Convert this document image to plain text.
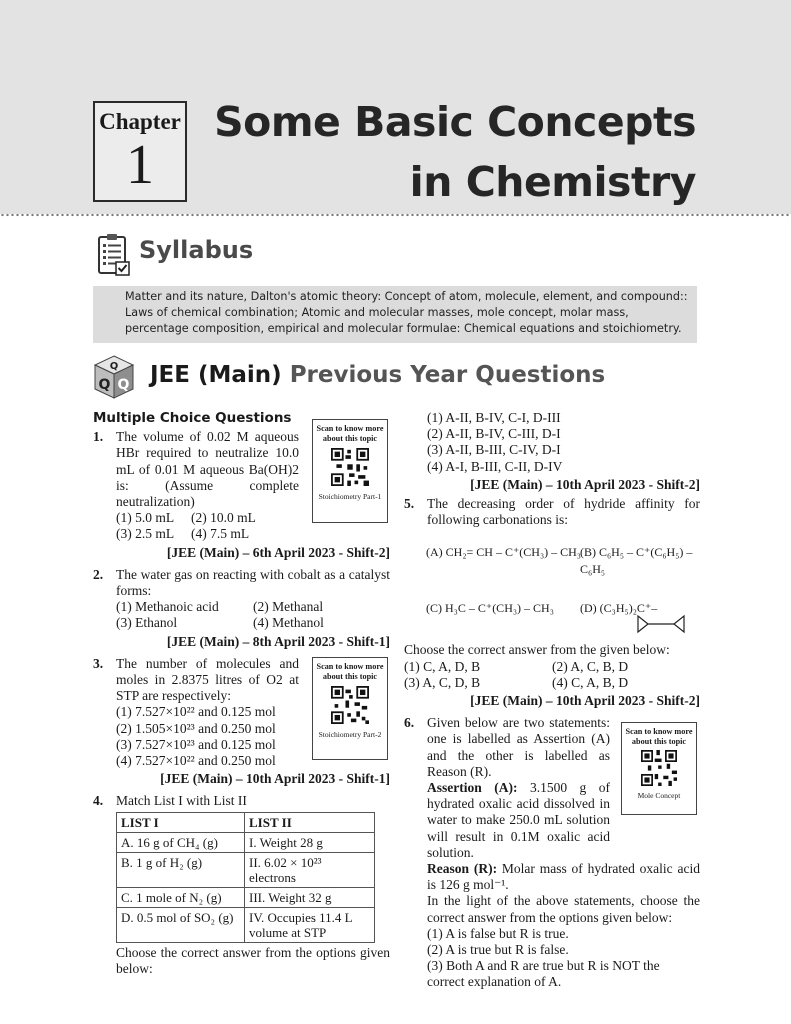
Chapter
1
Some Basic Concepts
in Chemistry
Syllabus
Matter and its nature, Dalton's atomic theory: Concept of atom, molecule, element, and compound:: Laws of chemical combination; Atomic and molecular masses, mole concept, molar mass, percentage composition, empirical and molecular formulae: Chemical equations and stoichiometry.
Q
Q Q JEE (Main) Previous Year Questions
Scan to know more about this topic
Stoichiometry Part-1
Scan to know more about this topic
Stoichiometry Part-2	Scan to know more about this topic
Mole Concept
Multiple Choice Questions
1. The volume of 0.02 M aqueous HBr required to neutralize 10.0 mL of 0.01 M aqueous Ba(OH)2 is: (Assume complete neutralization)
(1) 5.0 mL	(2) 10.0 mL
(3) 2.5 mL	(4) 7.5 mL
[JEE (Main) – 6th April 2023 - Shift-2]
2. The water gas on reacting with cobalt as a catalyst forms:
(1) Methanoic acid	(2) Methanal
(3) Ethanol	(4) Methanol
[JEE (Main) – 8th April 2023 - Shift-1]
3. The number of molecules and moles in 2.8375 litres of O2 at STP are respectively:
(1) 7.527×10²² and 0.125 mol
(2) 1.505×10²³ and 0.250 mol
(3) 7.527×10²³ and 0.125 mol
(4) 7.527×10²² and 0.250 mol
[JEE (Main) – 10th April 2023 - Shift-1]
4. Match List I with List II
LIST I	LIST II
A. 16 g of CH₄ (g)	I. Weight 28 g
B. 1 g of H₂ (g)	II. 6.02 × 10²³ electrons
C. 1 mole of N₂ (g)	III. Weight 32 g
D. 0.5 mol of SO₂ (g)	IV. Occupies 11.4 L volume at STP
Choose the correct answer from the options given below:
(1) A-II, B-IV, C-I, D-III
(2) A-II, B-IV, C-III, D-I
(3) A-II, B-III, C-IV, D-I
(4) A-I, B-III, C-II, D-IV
[JEE (Main) – 10th April 2023 - Shift-2]
5. The decreasing order of hydride affinity for following carbonations is:
(A) CH₂= CH – C⁺(CH₃) – CH₃ (B) C₆H₅ – C⁺(C₆H₅) – C₆H₅
(C) H₃C – C⁺(CH₃) – CH₃	(D) (C₃H₅)₂C⁺–
Choose the correct answer from the given below:
(1) C, A, D, B	(2) A, C, B, D
(3) A, C, D, B	(4) C, A, B, D
[JEE (Main) – 10th April 2023 - Shift-2]
6. Given below are two statements: one is labelled as Assertion (A) and the other is labelled as Reason (R).
Assertion (A): 3.1500 g of hydrated oxalic acid dissolved in water to make 250.0 mL solution will result in 0.1M oxalic acid solution.
Reason (R): Molar mass of hydrated oxalic acid is 126 g mol⁻¹.
In the light of the above statements, choose the correct answer from the options given below:
(1) A is false but R is true.
(2) A is true but R is false.
(3) Both A and R are true but R is NOT the correct explanation of A.
